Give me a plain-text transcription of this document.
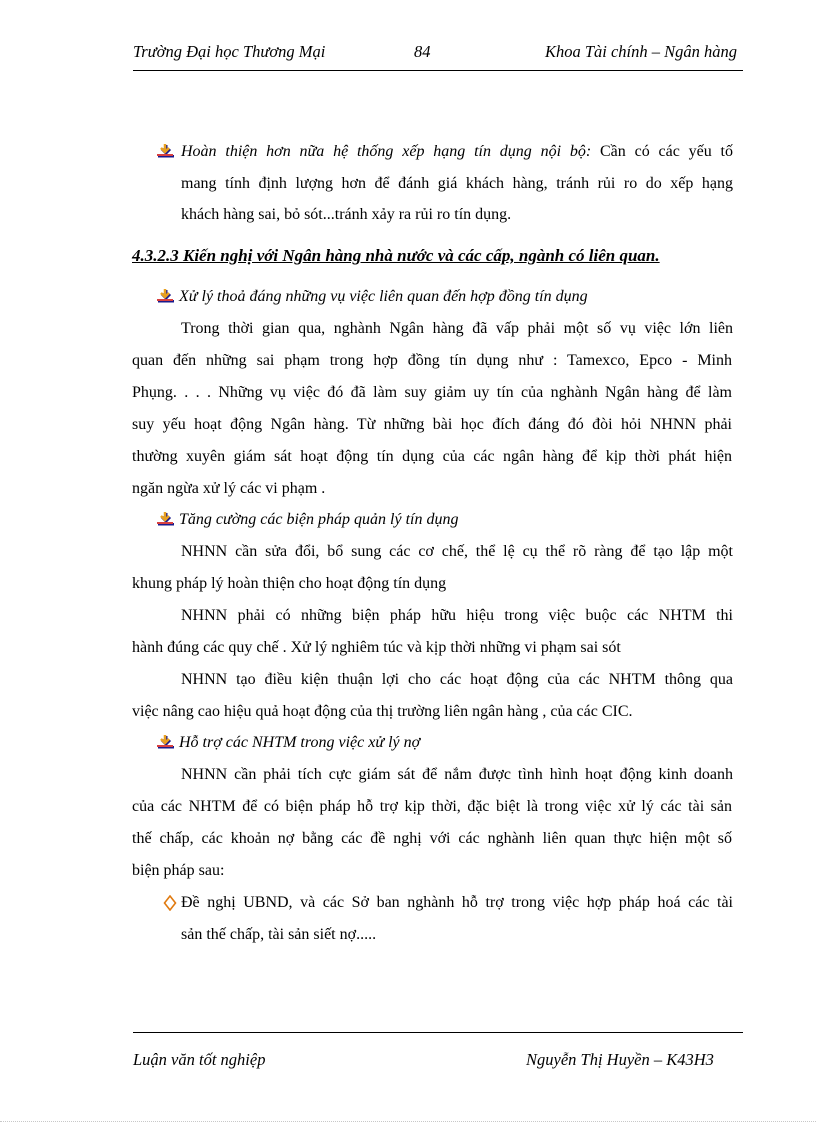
Trường Đại học Thương Mại	84	Khoa Tài chính – Ngân hàng
Hoàn thiện hơn nữa hệ thống xếp hạng tín dụng nội bộ: Cần có các yếu tố
mang tính định lượng hơn để đánh giá khách hàng, tránh rủi ro do xếp hạng
khách hàng sai, bỏ sót...tránh xảy ra rủi ro tín dụng.
4.3.2.3 Kiến nghị với Ngân hàng nhà nước và các cấp, ngành có liên quan.
Xử lý thoả đáng những vụ việc liên quan đến hợp đồng tín dụng
Trong thời gian qua, nghành Ngân hàng đã vấp phải một số vụ việc lớn liên
quan đến những sai phạm trong hợp đồng tín dụng như : Tamexco, Epco - Minh
Phụng. . . . Những vụ việc đó đã làm suy giảm uy tín của nghành Ngân hàng để làm
suy yếu hoạt động Ngân hàng. Từ những bài học đích đáng đó đòi hỏi NHNN phải
thường xuyên giám sát hoạt động tín dụng của các ngân hàng để kịp thời phát hiện
ngăn ngừa xử lý các vi phạm .
Tăng cường các biện pháp quản lý tín dụng
NHNN cần sửa đổi, bổ sung các cơ chế, thể lệ cụ thể rõ ràng để tạo lập một
khung pháp lý hoàn thiện cho hoạt động tín dụng
NHNN phải có những biện pháp hữu hiệu trong việc buộc các NHTM thi
hành đúng các quy chế . Xử lý nghiêm túc và kịp thời những vi phạm sai sót
NHNN tạo điều kiện thuận lợi cho các hoạt động của các NHTM thông qua
việc nâng cao hiệu quả hoạt động của thị trường liên ngân hàng , của các CIC.
Hỗ trợ các NHTM trong việc xử lý nợ
NHNN cần phải tích cực giám sát để nắm được tình hình hoạt động kinh doanh
của các NHTM để có biện pháp hỗ trợ kịp thời, đặc biệt là trong việc xử lý các tài sản
thế chấp, các khoản nợ bằng các đề nghị với các nghành liên quan thực hiện một số
biện pháp sau:
Đề nghị UBND, và các Sở ban nghành hỗ trợ trong việc hợp pháp hoá các tài
sản thế chấp, tài sản siết nợ.....
Luận văn tốt nghiệp	Nguyễn Thị Huyền – K43H3
